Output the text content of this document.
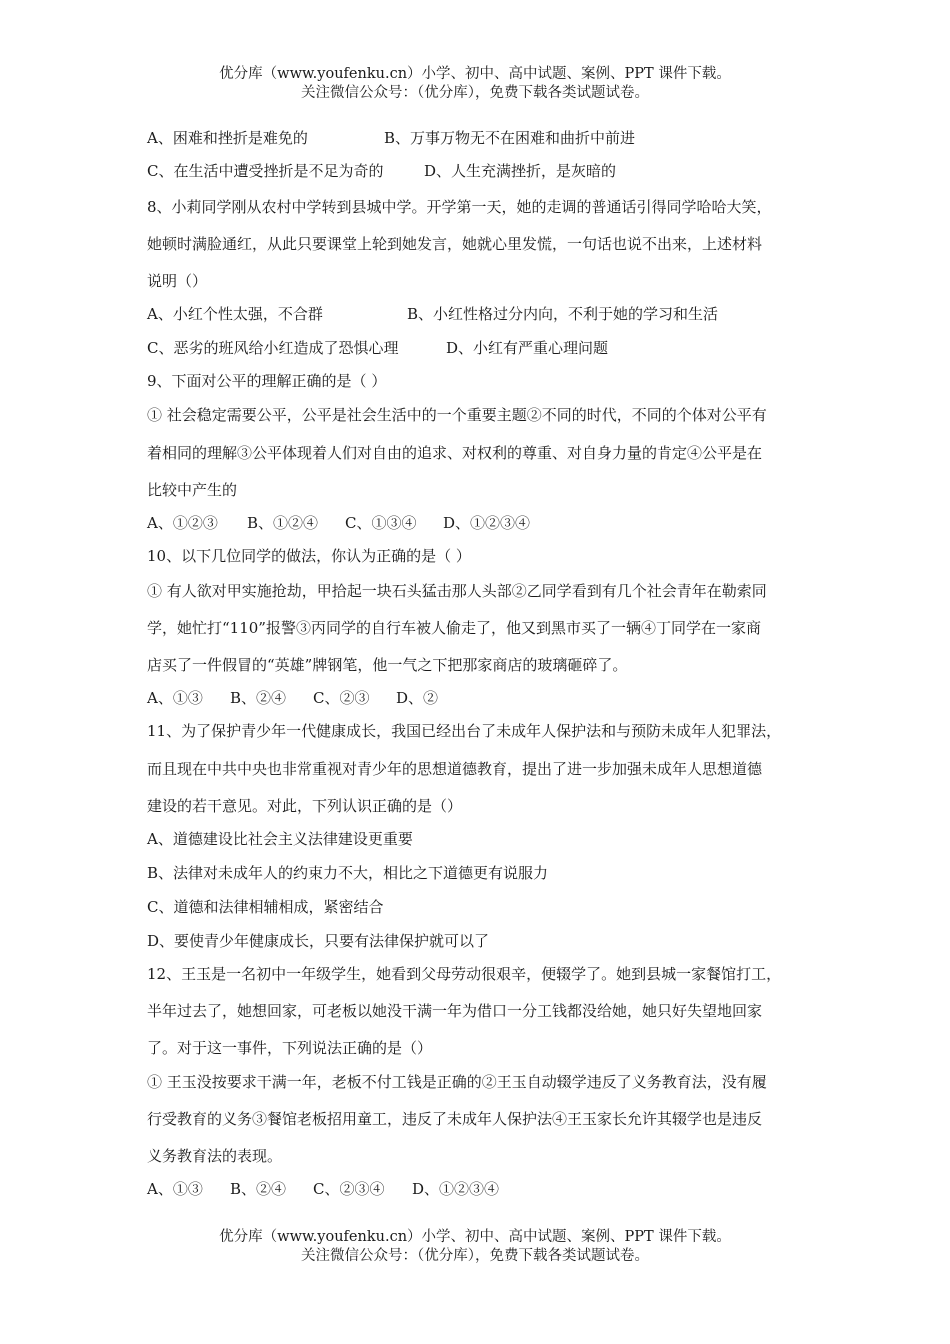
优分库（www.youfenku.cn）小学、初中、高中试题、案例、PPT 课件下载。
关注微信公众号：（优分库），免费下载各类试题试卷。
A、困难和挫折是难免的	B、万事万物无不在困难和曲折中前进
C、在生活中遭受挫折是不足为奇的	D、人生充满挫折，是灰暗的
8、小莉同学刚从农村中学转到县城中学。开学第一天，她的走调的普通话引得同学哈哈大笑，
她顿时满脸通红，从此只要课堂上轮到她发言，她就心里发慌，一句话也说不出来，上述材料
说明（）
A、小红个性太强，不合群	B、小红性格过分内向，不利于她的学习和生活
C、恶劣的班风给小红造成了恐惧心理	D、小红有严重心理问题
9、下面对公平的理解正确的是（ ）
① 社会稳定需要公平，公平是社会生活中的一个重要主题②不同的时代，不同的个体对公平有
着相同的理解③公平体现着人们对自由的追求、对权利的尊重、对自身力量的肯定④公平是在
比较中产生的
A、①②③ B、①②④ C、①③④ D、①②③④
10、以下几位同学的做法，你认为正确的是（ ）
① 有人欲对甲实施抢劫，甲拾起一块石头猛击那人头部②乙同学看到有几个社会青年在勒索同
学，她忙打“110”报警③丙同学的自行车被人偷走了，他又到黑市买了一辆④丁同学在一家商
店买了一件假冒的“英雄”牌钢笔，他一气之下把那家商店的玻璃砸碎了。
A、①③ B、②④ C、②③ D、②
11、为了保护青少年一代健康成长，我国已经出台了未成年人保护法和与预防未成年人犯罪法，
而且现在中共中央也非常重视对青少年的思想道德教育，提出了进一步加强未成年人思想道德
建设的若干意见。对此，下列认识正确的是（）
A、道德建设比社会主义法律建设更重要
B、法律对未成年人的约束力不大，相比之下道德更有说服力
C、道德和法律相辅相成，紧密结合
D、要使青少年健康成长，只要有法律保护就可以了
12、王玉是一名初中一年级学生，她看到父母劳动很艰辛，便辍学了。她到县城一家餐馆打工，
半年过去了，她想回家，可老板以她没干满一年为借口一分工钱都没给她，她只好失望地回家
了。对于这一事件，下列说法正确的是（）
① 王玉没按要求干满一年，老板不付工钱是正确的②王玉自动辍学违反了义务教育法，没有履
行受教育的义务③餐馆老板招用童工，违反了未成年人保护法④王玉家长允许其辍学也是违反
义务教育法的表现。
A、①③ B、②④ C、②③④ D、①②③④
优分库（www.youfenku.cn）小学、初中、高中试题、案例、PPT 课件下载。
关注微信公众号：（优分库），免费下载各类试题试卷。
